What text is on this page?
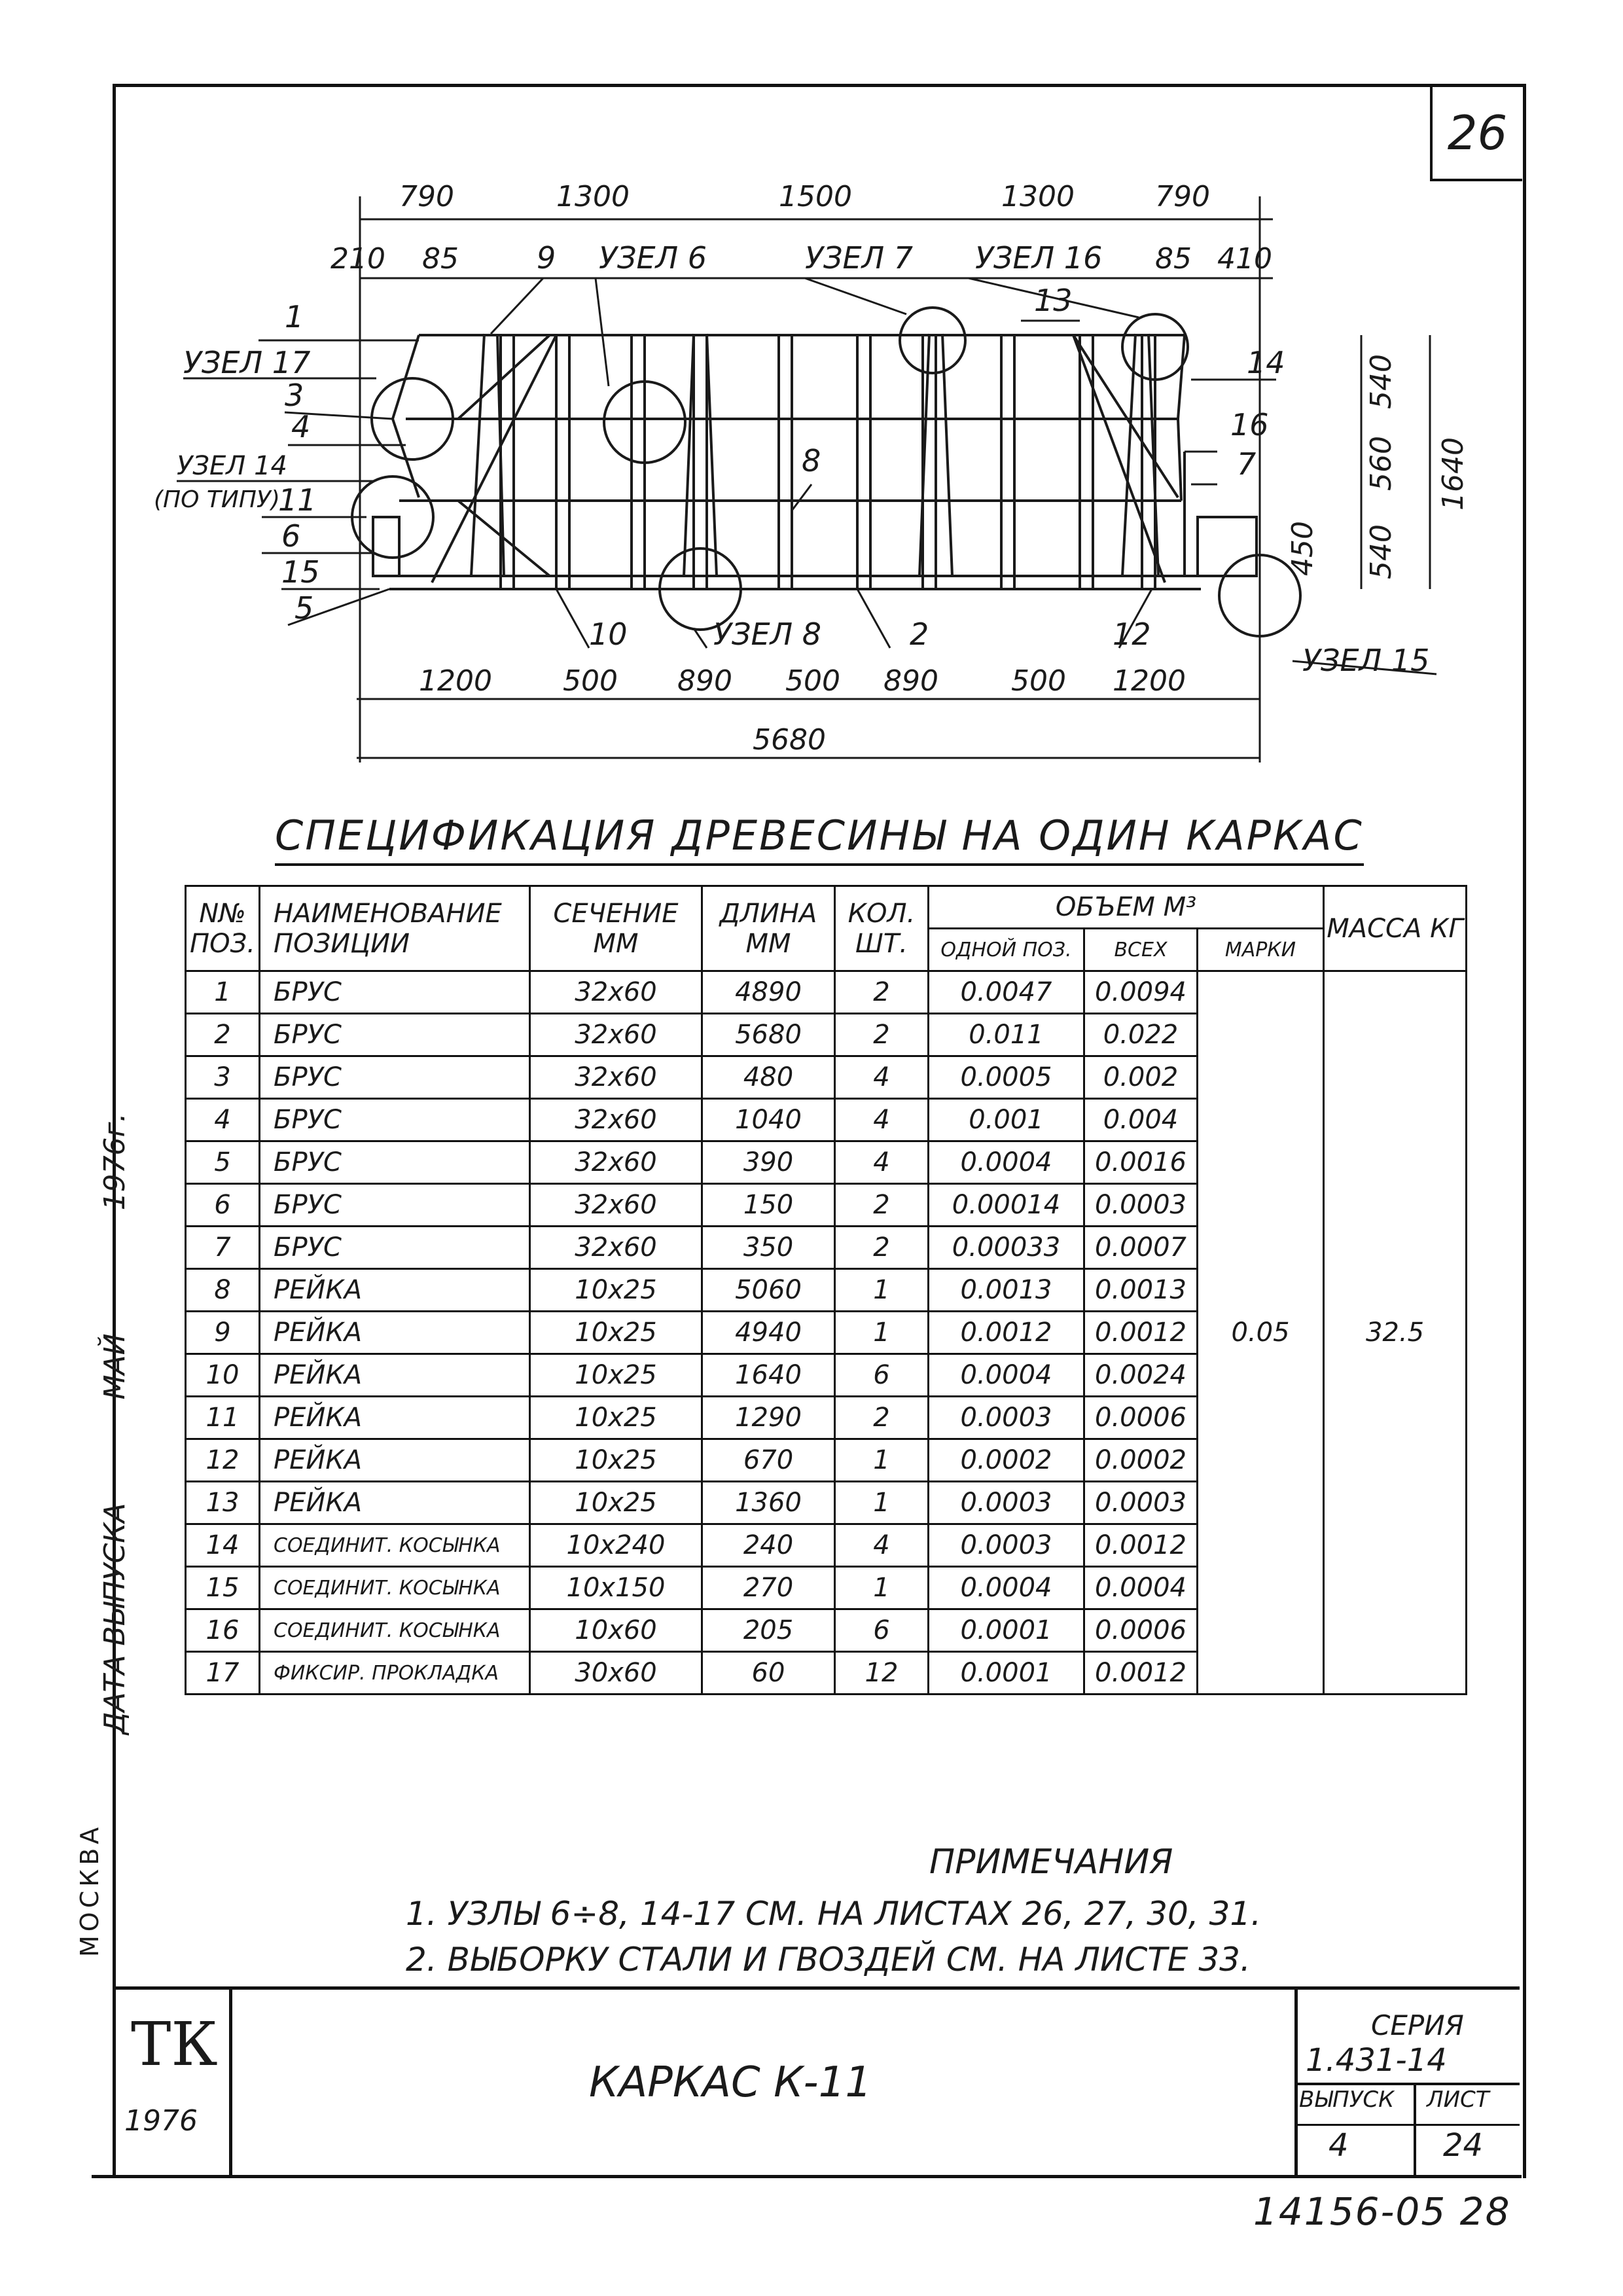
26
790	1300	1500	1300	790
210 85	85 410
1200 500 890 500 890	500 1200
5680
540
560
540
450
1640
1
УЗЕЛ 17
3
4
УЗЕЛ 14
(ПО ТИПУ)
11
6
15
5
9 УЗЕЛ 6	УЗЕЛ 7 УЗЕЛ 16
13
14
16
7
8
10	УЗЕЛ 8	2	12
УЗЕЛ 15
СПЕЦИФИКАЦИЯ ДРЕВЕСИНЫ НА ОДИН КАРКАС
N№ ПОЗ.	НАИМЕНОВАНИЕ ПОЗИЦИИ	СЕЧЕНИЕ ММ	ДЛИНА ММ	КОЛ. ШТ.	ОБЪЕМ М³			МАССА КГ
					ОДНОЙ ПОЗ.	ВСЕХ	МАРКИ	
1	БРУС	32х60	4890	2	0.0047	0.0094	0.05	32.5
2	БРУС	32х60	5680	2	0.011	0.022		
3	БРУС	32х60	480	4	0.0005	0.002		
4	БРУС	32х60	1040	4	0.001	0.004		
5	БРУС	32х60	390	4	0.0004	0.0016		
6	БРУС	32х60	150	2	0.00014	0.0003		
7	БРУС	32х60	350	2	0.00033	0.0007		
8	РЕЙКА	10х25	5060	1	0.0013	0.0013		
9	РЕЙКА	10х25	4940	1	0.0012	0.0012		
10	РЕЙКА	10х25	1640	6	0.0004	0.0024		
11	РЕЙКА	10х25	1290	2	0.0003	0.0006		
12	РЕЙКА	10х25	670	1	0.0002	0.0002		
13	РЕЙКА	10х25	1360	1	0.0003	0.0003		
14	СОЕДИНИТ. КОСЫНКА	10х240	240	4	0.0003	0.0012		
15	СОЕДИНИТ. КОСЫНКА	10х150	270	1	0.0004	0.0004		
16	СОЕДИНИТ. КОСЫНКА	10х60	205	6	0.0001	0.0006		
17	ФИКСИР. ПРОКЛАДКА	30х60	60	12	0.0001	0.0012		
ПРИМЕЧАНИЯ
1. УЗЛЫ 6÷8, 14-17 СМ. НА ЛИСТАХ 26, 27, 30, 31.
2. ВЫБОРКУ СТАЛИ И ГВОЗДЕЙ СМ. НА ЛИСТЕ 33.
МОСКВА
ДАТА ВЫПУСКА  МАЙ  1976г.
ТК
1976
КАРКАС К-11
СЕРИЯ
1.431-14
ВЫПУСК ЛИСТ
4	24
14156-05 28
